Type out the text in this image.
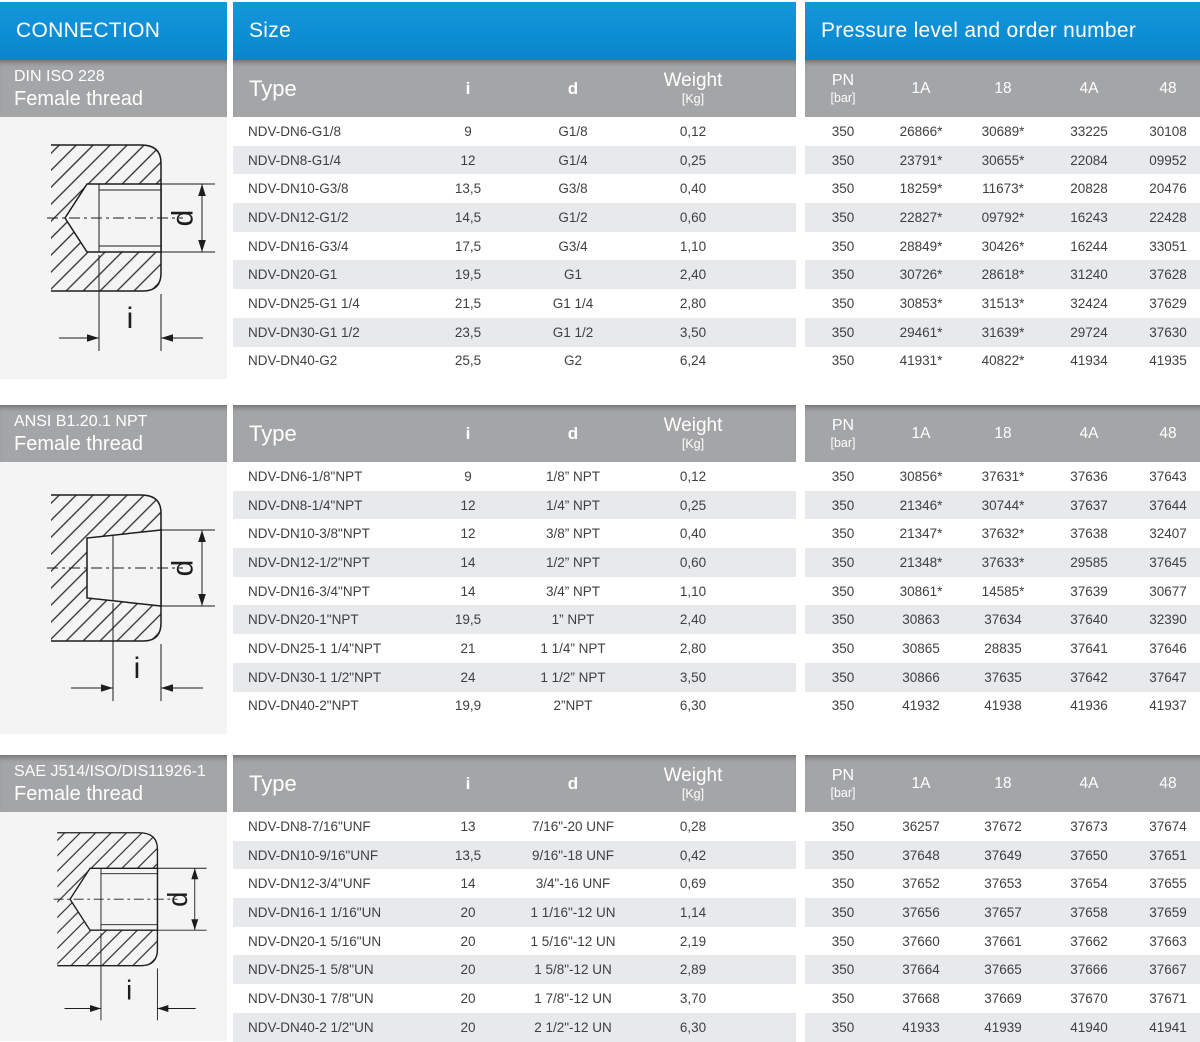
CONNECTION
DIN ISO 228
Female thread
d
i
Size
Type	i	d	Weight
[Kg]
NDV-DN6-G1/8	9	G1/8	0,12
NDV-DN8-G1/4	12	G1/4	0,25
NDV-DN10-G3/8	13,5	G3/8	0,40
NDV-DN12-G1/2	14,5	G1/2	0,60
NDV-DN16-G3/4	17,5	G3/4	1,10
NDV-DN20-G1	19,5	G1	2,40
NDV-DN25-G1 1/4	21,5	G1 1/4	2,80
NDV-DN30-G1 1/2	23,5	G1 1/2	3,50
NDV-DN40-G2	25,5	G2	6,24
Pressure level and order number
PN
[bar]
1A	18	4A	48
350	26866*	30689*	33225	30108
350	23791*	30655*	22084	09952
350	18259*	11673*	20828	20476
350	22827*	09792*	16243	22428
350	28849*	30426*	16244	33051
350	30726*	28618*	31240	37628
350	30853*	31513*	32424	37629
350	29461*	31639*	29724	37630
350	41931*	40822*	41934	41935
ANSI B1.20.1 NPT
Female thread
d
i
Type	i	d	Weight
[Kg]
NDV-DN6-1/8"NPT	9	1/8” NPT	0,12
NDV-DN8-1/4"NPT	12	1/4” NPT	0,25
NDV-DN10-3/8"NPT	12	3/8” NPT	0,40
NDV-DN12-1/2"NPT	14	1/2” NPT	0,60
NDV-DN16-3/4"NPT	14	3/4” NPT	1,10
NDV-DN20-1"NPT	19,5	1” NPT	2,40
NDV-DN25-1 1/4"NPT	21	1 1/4” NPT	2,80
NDV-DN30-1 1/2"NPT	24	1 1/2” NPT	3,50
NDV-DN40-2"NPT	19,9	2”NPT	6,30
PN
[bar]
1A	18	4A	48
350	30856*	37631*	37636	37643
350	21346*	30744*	37637	37644
350	21347*	37632*	37638	32407
350	21348*	37633*	29585	37645
350	30861*	14585*	37639	30677
350	30863	37634	37640	32390
350	30865	28835	37641	37646
350	30866	37635	37642	37647
350	41932	41938	41936	41937
SAE J514/ISO/DIS11926-1
Female thread
d
i
Type	i	d	Weight
[Kg]
NDV-DN8-7/16"UNF	13	7/16"-20 UNF	0,28
NDV-DN10-9/16"UNF	13,5	9/16"-18 UNF	0,42
NDV-DN12-3/4"UNF	14	3/4"-16 UNF	0,69
NDV-DN16-1 1/16"UN	20	1 1/16"-12 UN	1,14
NDV-DN20-1 5/16"UN	20	1 5/16"-12 UN	2,19
NDV-DN25-1 5/8"UN	20	1 5/8"-12 UN	2,89
NDV-DN30-1 7/8"UN	20	1 7/8"-12 UN	3,70
NDV-DN40-2 1/2"UN	20	2 1/2"-12 UN	6,30
PN
[bar]
1A	18	4A	48
350	36257	37672	37673	37674
350	37648	37649	37650	37651
350	37652	37653	37654	37655
350	37656	37657	37658	37659
350	37660	37661	37662	37663
350	37664	37665	37666	37667
350	37668	37669	37670	37671
350	41933	41939	41940	41941
